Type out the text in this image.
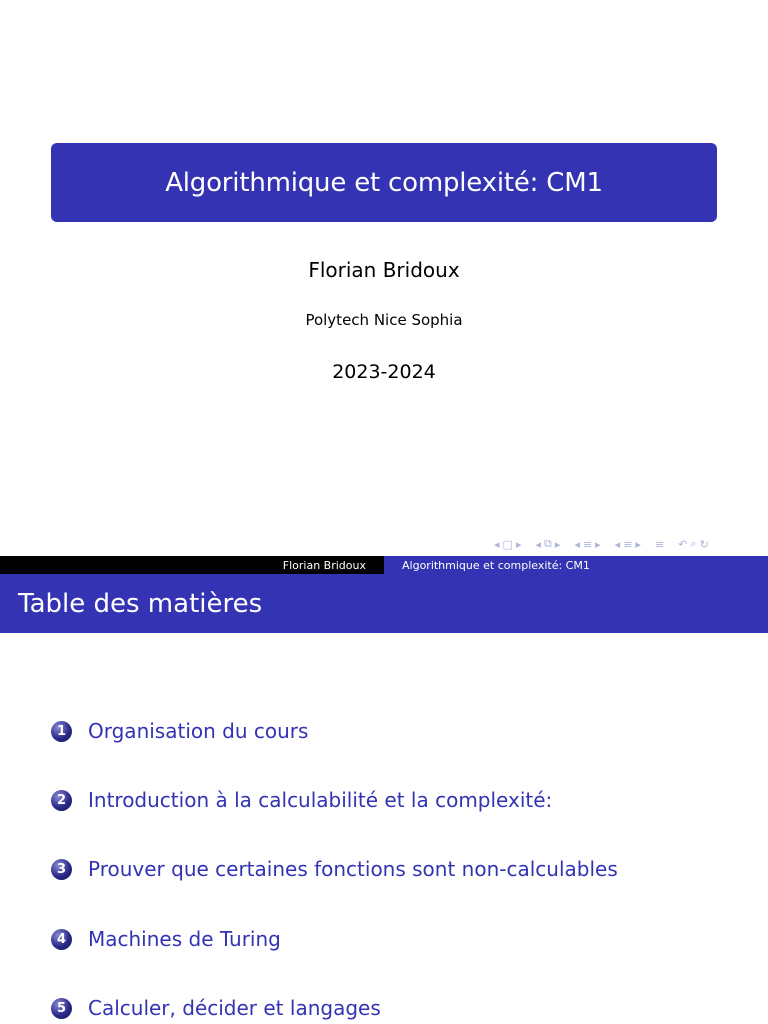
Algorithmique et complexité: CM1
Florian Bridoux
Polytech Nice Sophia
2023-2024
◂ □ ▸ ◂ ⧉ ▸ ◂ ≡ ▸ ◂ ≡ ▸ ≡ ↶ ⌕ ↻
Florian Bridoux	Algorithmique et complexité: CM1
Table des matières
1 Organisation du cours
2 Introduction à la calculabilité et la complexité:
3 Prouver que certaines fonctions sont non-calculables
4 Machines de Turing
5 Calculer, décider et langages
